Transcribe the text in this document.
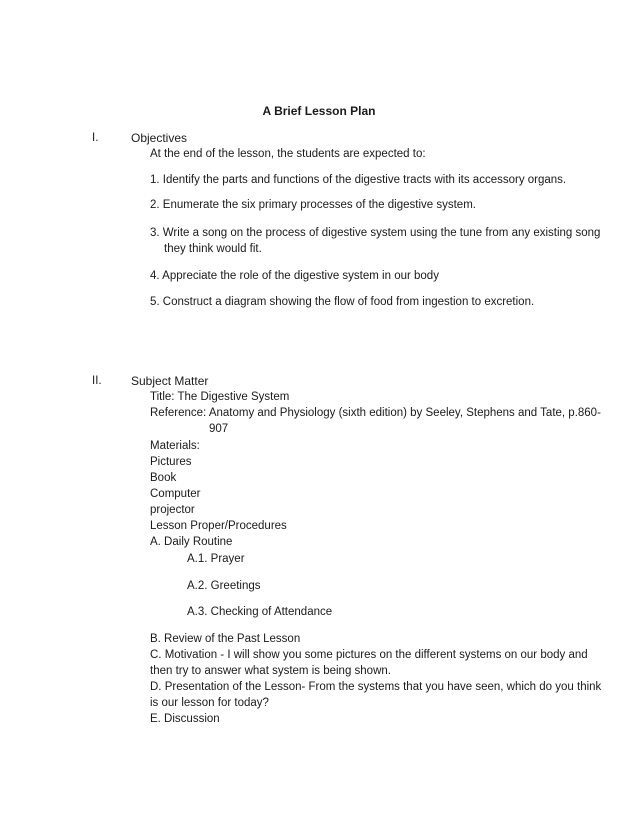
A Brief Lesson Plan
I.	Objectives
At the end of the lesson, the students are expected to:
1. Identify the parts and functions of the digestive tracts with its accessory organs.
2. Enumerate the six primary processes of the digestive system.
3. Write a song on the process of digestive system using the tune from any existing song
they think would fit.
4. Appreciate the role of the digestive system in our body
5. Construct a diagram showing the flow of food from ingestion to excretion.
II. Subject Matter
Title: The Digestive System
Reference: Anatomy and Physiology (sixth edition) by Seeley, Stephens and Tate, p.860-
907
Materials:
Pictures
Book
Computer
projector
Lesson Proper/Procedures
A. Daily Routine
A.1. Prayer
A.2. Greetings
A.3. Checking of Attendance
B. Review of the Past Lesson
C. Motivation - I will show you some pictures on the different systems on our body and
then try to answer what system is being shown.
D. Presentation of the Lesson- From the systems that you have seen, which do you think
is our lesson for today?
E. Discussion
